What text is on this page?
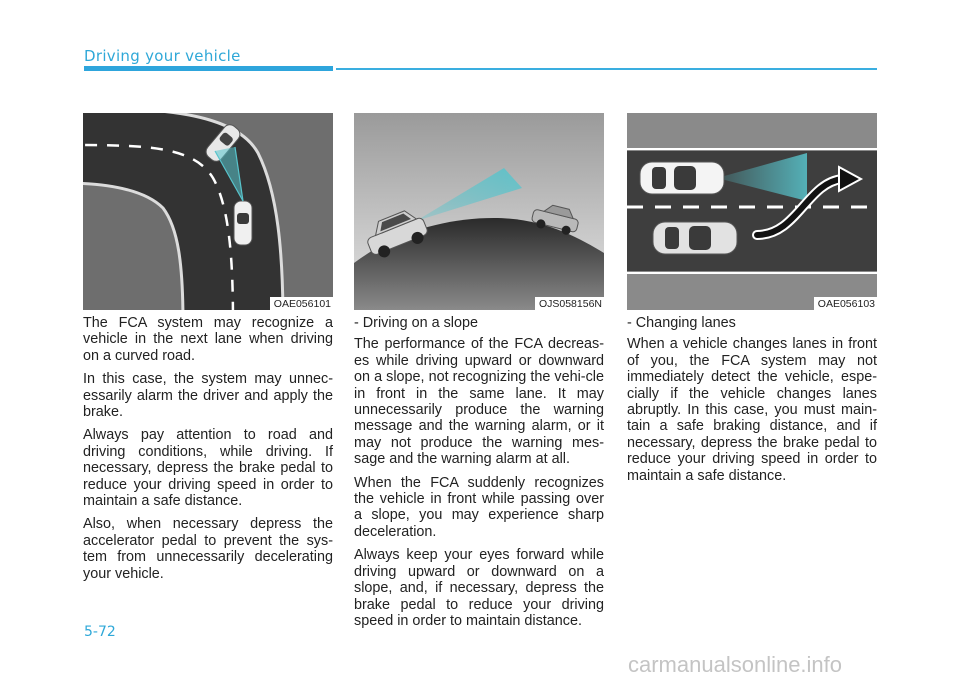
Driving your vehicle
OAE056101

The FCA system may recognize a vehicle in the next lane when driving on a curved road.

In this case, the system may unnec-essarily alarm the driver and apply the brake.

Always pay attention to road and driving conditions, while driving. If necessary, depress the brake pedal to reduce your driving speed in order to maintain a safe distance.

Also, when necessary depress the accelerator pedal to prevent the sys-tem from unnecessarily decelerating your vehicle.

OJS058156N

- Driving on a slope

The performance of the FCA decreas-es while driving upward or downward on a slope, not recognizing the vehi-cle in front in the same lane. It may unnecessarily produce the warning message and the warning alarm, or it may not produce the warning mes-sage and the warning alarm at all.

When the FCA suddenly recognizes the vehicle in front while passing over a slope, you may experience sharp deceleration.

Always keep your eyes forward while driving upward or downward on a slope, and, if necessary, depress the brake pedal to reduce your driving speed in order to maintain distance.

OAE056103

- Changing lanes

When a vehicle changes lanes in front of you, the FCA system may not immediately detect the vehicle, espe-cially if the vehicle changes lanes abruptly. In this case, you must main-tain a safe braking distance, and if necessary, depress the brake pedal to reduce your driving speed in order to maintain a safe distance.

5-72
carmanualsonline.info
